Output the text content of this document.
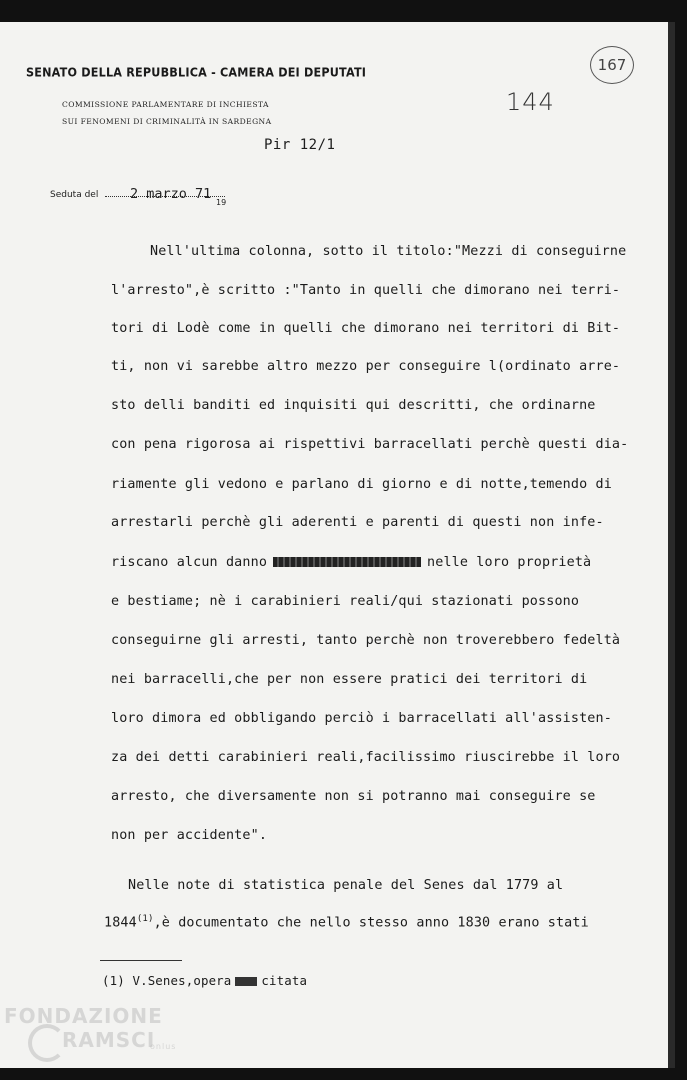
SENATO DELLA REPUBBLICA - CAMERA DEI DEPUTATI
COMMISSIONE PARLAMENTARE DI INCHIESTA
SUI FENOMENI DI CRIMINALITÀ IN SARDEGNA
Pir 12/1
144
167
Seduta del 2 marzo 71
19
Nell'ultima colonna, sotto il titolo:"Mezzi di conseguirne
l'arresto",è scritto :"Tanto in quelli che dimorano nei terri-
tori di Lodè come in quelli che dimorano nei territori di Bit-
ti, non vi sarebbe altro mezzo per conseguire l(ordinato arre-
sto delli banditi ed inquisiti qui descritti, che ordinarne
con pena rigorosa ai rispettivi barracellati perchè questi dia-
riamente gli vedono e parlano di giorno e di notte,temendo di
arrestarli perchè gli aderenti e parenti di questi non infe-
riscano alcun danno	nelle loro proprietà
e bestiame; nè i carabinieri reali/qui stazionati possono
conseguirne gli arresti, tanto perchè non troverebbero fedeltà
nei barracelli,che per non essere pratici dei territori di
loro dimora ed obbligando perciò i barracellati all'assisten-
za dei detti carabinieri reali,facilissimo riuscirebbe il loro
arresto, che diversamente non si potranno mai conseguire se
non per accidente".
Nelle note di statistica penale del Senes dal 1779 al
1844$^{(1)}$,è documentato che nello stesso anno 1830 erano stati
(1) V.Senes,opera citata
FONDAZIONE
RAMSCI
onlus
